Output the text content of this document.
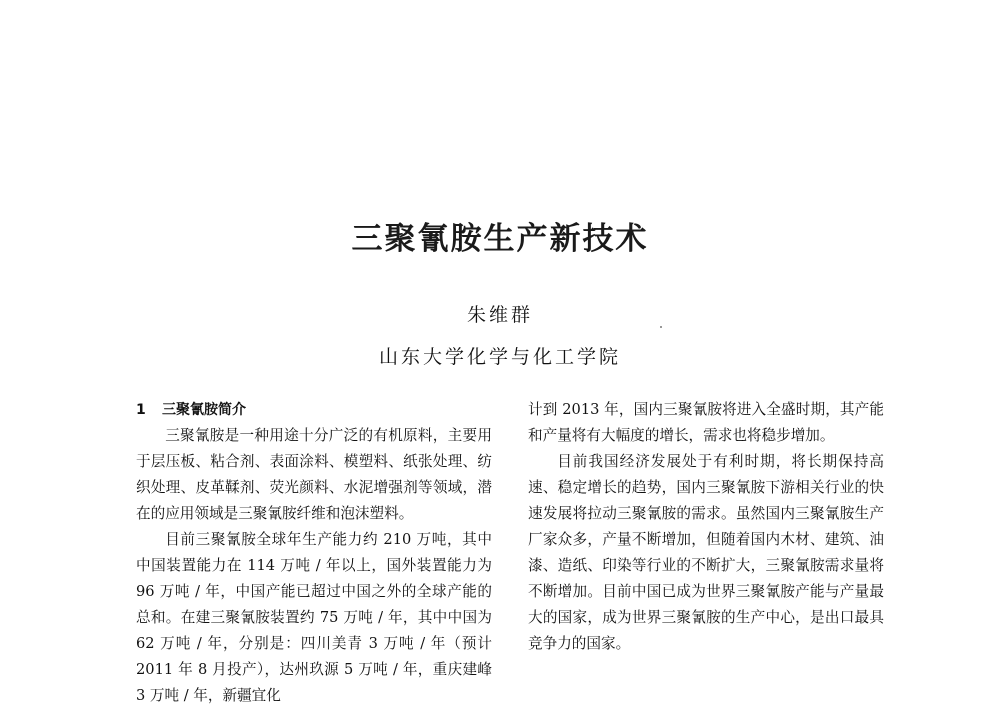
三聚氰胺生产新技术
朱维群
山东大学化学与化工学院
1 三聚氰胺简介

三聚氰胺是一种用途十分广泛的有机原料，主要用于层压板、粘合剂、表面涂料、模塑料、纸张处理、纺织处理、皮革鞣剂、荧光颜料、水泥增强剂等领域，潜在的应用领域是三聚氰胺纤维和泡沫塑料。

目前三聚氰胺全球年生产能力约 210 万吨，其中中国装置能力在 114 万吨 / 年以上，国外装置能力为 96 万吨 / 年，中国产能已超过中国之外的全球产能的总和。在建三聚氰胺装置约 75 万吨 / 年，其中中国为 62 万吨 / 年，分别是：四川美青 3 万吨 / 年（预计 2011 年 8 月投产），达州玖源 5 万吨 / 年，重庆建峰 3 万吨 / 年，新疆宜化

计到 2013 年，国内三聚氰胺将进入全盛时期，其产能和产量将有大幅度的增长，需求也将稳步增加。

目前我国经济发展处于有利时期，将长期保持高速、稳定增长的趋势，国内三聚氰胺下游相关行业的快速发展将拉动三聚氰胺的需求。虽然国内三聚氰胺生产厂家众多，产量不断增加，但随着国内木材、建筑、油漆、造纸、印染等行业的不断扩大，三聚氰胺需求量将不断增加。目前中国已成为世界三聚氰胺产能与产量最大的国家，成为世界三聚氰胺的生产中心，是出口最具竞争力的国家。
